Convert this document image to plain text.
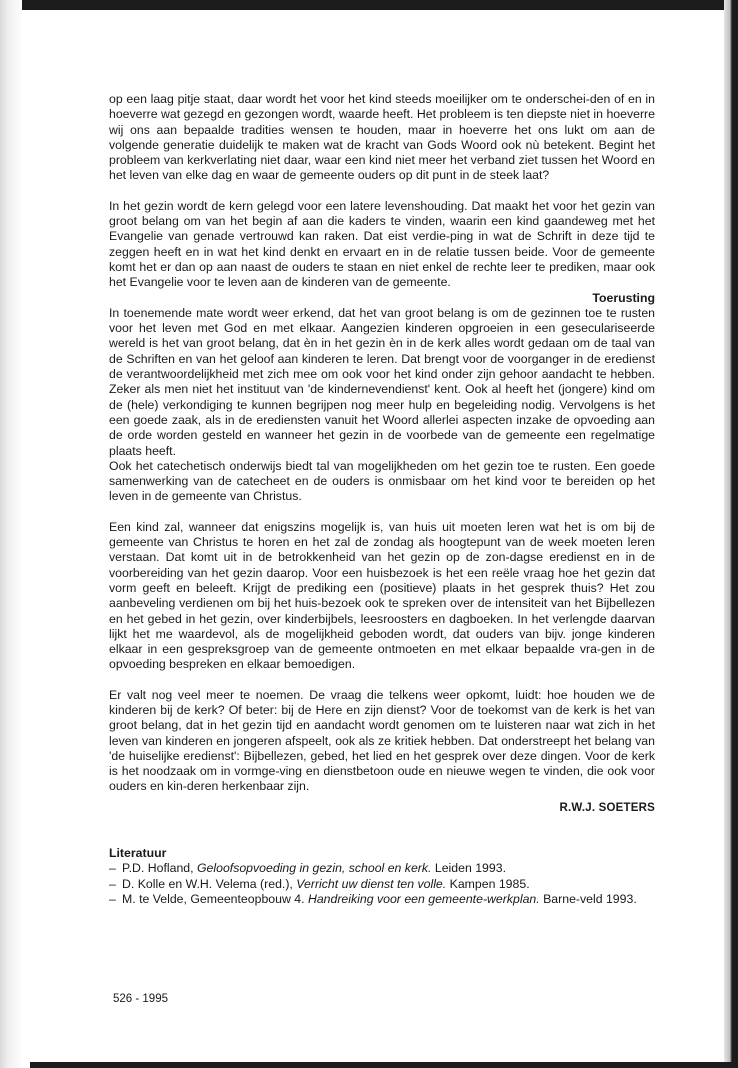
op een laag pitje staat, daar wordt het voor het kind steeds moeilijker om te onderschei-den of en in hoeverre wat gezegd en gezongen wordt, waarde heeft. Het probleem is ten diepste niet in hoeverre wij ons aan bepaalde tradities wensen te houden, maar in hoeverre het ons lukt om aan de volgende generatie duidelijk te maken wat de kracht van Gods Woord ook nù betekent. Begint het probleem van kerkverlating niet daar, waar een kind niet meer het verband ziet tussen het Woord en het leven van elke dag en waar de gemeente ouders op dit punt in de steek laat?

In het gezin wordt de kern gelegd voor een latere levenshouding. Dat maakt het voor het gezin van groot belang om van het begin af aan die kaders te vinden, waarin een kind gaandeweg met het Evangelie van genade vertrouwd kan raken. Dat eist verdie-ping in wat de Schrift in deze tijd te zeggen heeft en in wat het kind denkt en ervaart en in de relatie tussen beide. Voor de gemeente komt het er dan op aan naast de ouders te staan en niet enkel de rechte leer te prediken, maar ook het Evangelie voor te leven aan de kinderen van de gemeente.

Toerusting

In toenemende mate wordt weer erkend, dat het van groot belang is om de gezinnen toe te rusten voor het leven met God en met elkaar. Aangezien kinderen opgroeien in een geseculariseerde wereld is het van groot belang, dat èn in het gezin èn in de kerk alles wordt gedaan om de taal van de Schriften en van het geloof aan kinderen te leren. Dat brengt voor de voorganger in de eredienst de verantwoordelijkheid met zich mee om ook voor het kind onder zijn gehoor aandacht te hebben. Zeker als men niet het instituut van 'de kindernevendienst' kent. Ook al heeft het (jongere) kind om de (hele) verkondiging te kunnen begrijpen nog meer hulp en begeleiding nodig. Vervolgens is het een goede zaak, als in de erediensten vanuit het Woord allerlei aspecten inzake de opvoeding aan de orde worden gesteld en wanneer het gezin in de voorbede van de gemeente een regelmatige plaats heeft.

Ook het catechetisch onderwijs biedt tal van mogelijkheden om het gezin toe te rusten. Een goede samenwerking van de catecheet en de ouders is onmisbaar om het kind voor te bereiden op het leven in de gemeente van Christus.

Een kind zal, wanneer dat enigszins mogelijk is, van huis uit moeten leren wat het is om bij de gemeente van Christus te horen en het zal de zondag als hoogtepunt van de week moeten leren verstaan. Dat komt uit in de betrokkenheid van het gezin op de zon-dagse eredienst en in de voorbereiding van het gezin daarop. Voor een huisbezoek is het een reële vraag hoe het gezin dat vorm geeft en beleeft. Krijgt de prediking een (positieve) plaats in het gesprek thuis? Het zou aanbeveling verdienen om bij het huis-bezoek ook te spreken over de intensiteit van het Bijbellezen en het gebed in het gezin, over kinderbijbels, leesroosters en dagboeken. In het verlengde daarvan lijkt het me waardevol, als de mogelijkheid geboden wordt, dat ouders van bijv. jonge kinderen elkaar in een gespreksgroep van de gemeente ontmoeten en met elkaar bepaalde vra-gen in de opvoeding bespreken en elkaar bemoedigen.

Er valt nog veel meer te noemen. De vraag die telkens weer opkomt, luidt: hoe houden we de kinderen bij de kerk? Of beter: bij de Here en zijn dienst? Voor de toekomst van de kerk is het van groot belang, dat in het gezin tijd en aandacht wordt genomen om te luisteren naar wat zich in het leven van kinderen en jongeren afspeelt, ook als ze kritiek hebben. Dat onderstreept het belang van 'de huiselijke eredienst': Bijbellezen, gebed, het lied en het gesprek over deze dingen. Voor de kerk is het noodzaak om in vormge-ving en dienstbetoon oude en nieuwe wegen te vinden, die ook voor ouders en kin-deren herkenbaar zijn.

R.W.J. SOETERS
Literatuur
– P.D. Hofland, Geloofsopvoeding in gezin, school en kerk. Leiden 1993.
– D. Kolle en W.H. Velema (red.), Verricht uw dienst ten volle. Kampen 1985.
– M. te Velde, Gemeenteopbouw 4. Handreiking voor een gemeente-werkplan. Barne-veld 1993.
526 - 1995
